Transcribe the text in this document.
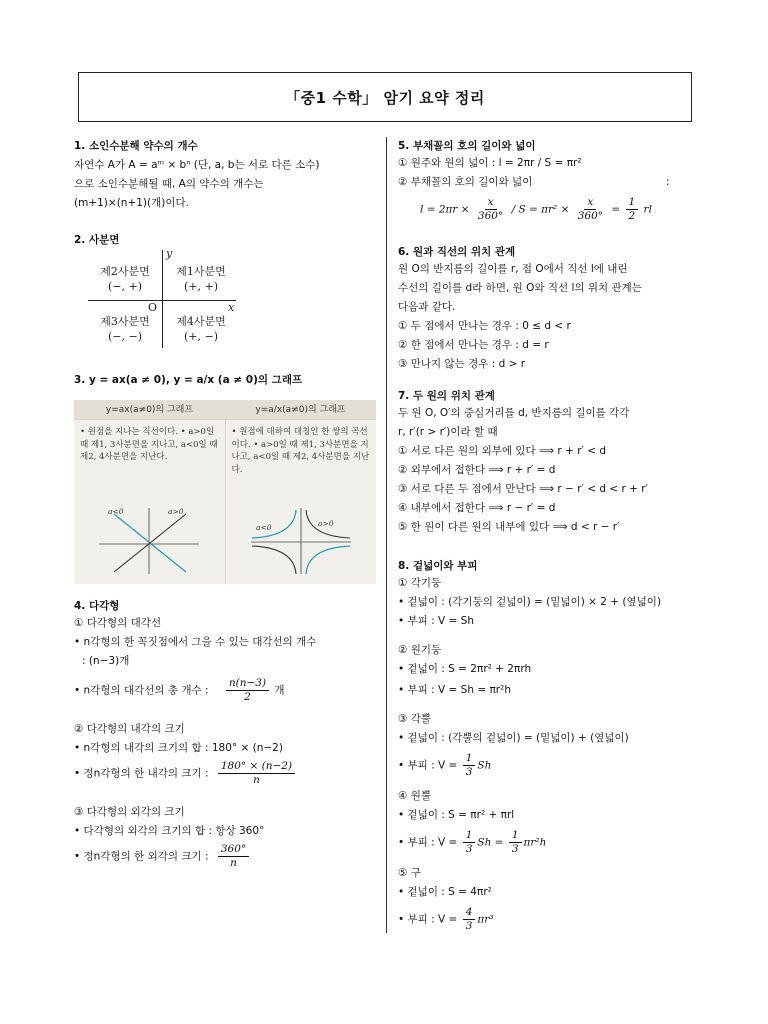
「중1 수학」 암기 요약 정리
1. 소인수분해 약수의 개수
자연수 A가 A = aᵐ × bⁿ (단, a, b는 서로 다른 소수)
으로 소인수분해될 때, A의 약수의 개수는
(m+1)×(n+1)(개)이다.
2. 사분면
y
x
O
제2사분면
(−, +)
제1사분면
(+, +)
제3사분면
(−, −)
제4사분면
(+, −)
3. y = ax(a ≠ 0), y = a/x (a ≠ 0)의 그래프
y=ax(a≠0)의 그래프	y=a/x(a≠0)의 그래프
• 원점을 지나는 직선이다. • a>0일 때 제1, 3사분면을 지나고, a<0일 때 제2, 4사분면을 지난다.
a<0	a>0
• 원점에 대하여 대칭인 한 쌍의 곡선이다. • a>0일 때 제1, 3사분면을 지나고, a<0일 때 제2, 4사분면을 지난다.
a<0	a>0
4. 다각형
① 다각형의 대각선
• n각형의 한 꼭짓점에서 그을 수 있는 대각선의 개수
: (n−3)개
• n각형의 대각선의 총 개수 : $\frac{n(n-3)}{2}$ 개
② 다각형의 내각의 크기
• n각형의 내각의 크기의 합 : 180° × (n−2)
• 정n각형의 한 내각의 크기 : $\frac{180^\circ \times (n-2)}{n}$
③ 다각형의 외각의 크기
• 다각형의 외각의 크기의 합 : 항상 360°
• 정n각형의 한 외각의 크기 : $\frac{360^\circ}{n}$
5. 부채꼴의 호의 길이와 넓이
① 원주와 원의 넓이 : l = 2πr / S = πr²
② 부채꼴의 호의 길이와 넓이	:
$l = 2\pi r \times \frac{x}{360^\circ} / S = \pi r^2 \times \frac{x}{360^\circ} = \frac{1}{2}$ rl
6. 원과 직선의 위치 관계
원 O의 반지름의 길이를 r, 점 O에서 직선 l에 내린
수선의 길이를 d라 하면, 원 O와 직선 l의 위치 관계는
다음과 같다.
① 두 점에서 만나는 경우 : 0 ≤ d < r
② 한 점에서 만나는 경우 : d = r
③ 만나지 않는 경우 : d > r
7. 두 원의 위치 관계
두 원 O, O′의 중심거리를 d, 반지름의 길이를 각각
r, r′(r > r′)이라 할 때
① 서로 다른 원의 외부에 있다 ⟹ r + r′ < d
② 외부에서 접한다 ⟹ r + r′ = d
③ 서로 다른 두 점에서 만난다 ⟹ r − r′ < d < r + r′
④ 내부에서 접한다 ⟹ r − r′ = d
⑤ 한 원이 다른 원의 내부에 있다 ⟹ d < r − r′
8. 겉넓이와 부피
① 각기둥
• 겉넓이 : (각기둥의 겉넓이) = (밑넓이) × 2 + (옆넓이)
• 부피 : V = Sh
② 원기둥
• 겉넓이 : S = 2πr² + 2πrh
• 부피 : V = Sh = πr²h
③ 각뿔
• 겉넓이 : (각뿔의 겉넓이) = (밑넓이) + (옆넓이)
• 부피 : $V = \frac{1}{3}$ Sh
④ 원뿔
• 겉넓이 : S = πr² + πrl
• 부피 : $V = \frac{1}{3}$ $Sh = \frac{1}{3} \pi r^2h$
⑤ 구
• 겉넓이 : S = 4πr²
• 부피 : $V = \frac{4}{3} \pi r^3$
